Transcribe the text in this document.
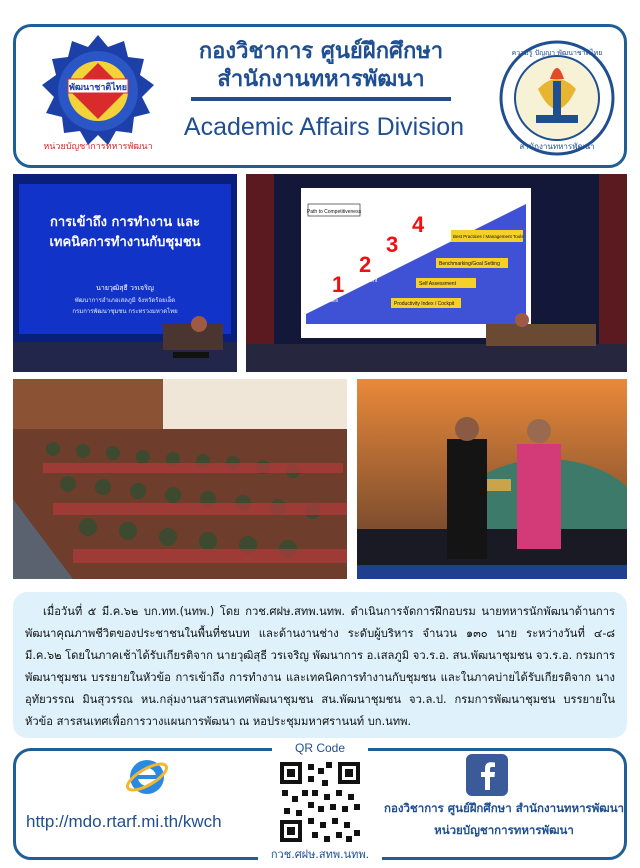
พัฒนาชาติไทย
หน่วยบัญชาการทหารพัฒนา
กองวิชาการ ศูนย์ฝึกศึกษา
สำนักงานทหารพัฒนา
Academic Affairs Division
ความรู้ ปัญญา พัฒนาชาติไทย
สำนักงานทหารพัฒนา
การเข้าถึง การทำงาน และ
เทคนิคการทำงานกับชุมชน
นายวุฒิสุธี วรเจริญ
พัฒนาการอำเภอเสลภูมิ จังหวัดร้อยเอ็ด
กรมการพัฒนาชุมชน กระทรวงมหาดไทย
Path to Competitiveness
1
2
3
4
Index
Assessment
Gap analysis
Improvement
Productivity Index / Cockpit
Self Assessment
Benchmarking/Goal Setting
Best Practices / Management Tools
เมื่อวันที่ ๕ มี.ค.๖๒ บก.ทท.(นทพ.) โดย กวช.ศฝษ.สทพ.นทพ. ดำเนินการจัดการฝึกอบรม นายทหารนักพัฒนาด้านการพัฒนาคุณภาพชีวิตของประชาชนในพื้นที่ชนบท และด้านงานช่าง ระดับผู้บริหาร จำนวน ๑๓๐ นาย ระหว่างวันที่ ๔-๘ มี.ค.๖๒ โดยในภาคเช้าได้รับเกียรติจาก นายวุฒิสุธี วรเจริญ พัฒนาการ อ.เสลภูมิ จว.ร.อ. สน.พัฒนาชุมชน จว.ร.อ. กรมการพัฒนาชุมชน บรรยายในหัวข้อ การเข้าถึง การทำงาน และเทคนิคการทำงานกับชุมชน และในภาคบ่ายได้รับเกียรติจาก นางอุทัยวรรณ มินสุวรรณ หน.กลุ่มงานสารสนเทศพัฒนาชุมชน สน.พัฒนาชุมชน จว.ล.ป. กรมการพัฒนาชุมชน บรรยายในหัวข้อ สารสนเทศเพื่อการวางแผนการพัฒนา ณ หอประชุมมหาศรานนท์ บก.นทพ.
QR Code
http://mdo.rtarf.mi.th/kwch
กวช.ศฝษ.สทพ.นทพ.
กองวิชาการ ศูนย์ฝึกศึกษา สำนักงานทหารพัฒนา
หน่วยบัญชาการทหารพัฒนา
